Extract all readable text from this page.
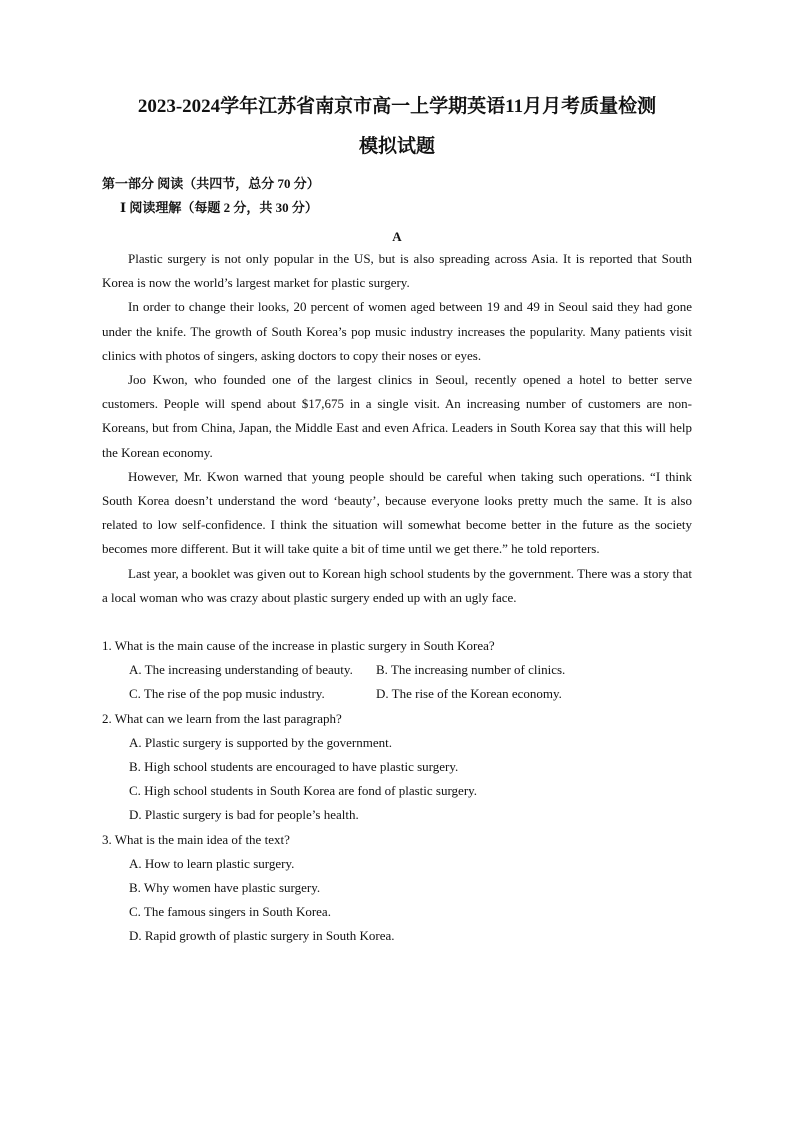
2023-2024学年江苏省南京市高一上学期英语11月月考质量检测
模拟试题
第一部分 阅读（共四节，总分 70 分）
Ⅰ 阅读理解（每题 2 分，共 30 分）
A

Plastic surgery is not only popular in the US, but is also spreading across Asia. It is reported that South Korea is now the world’s largest market for plastic surgery.

In order to change their looks, 20 percent of women aged between 19 and 49 in Seoul said they had gone under the knife. The growth of South Korea’s pop music industry increases the popularity. Many patients visit clinics with photos of singers, asking doctors to copy their noses or eyes.

Joo Kwon, who founded one of the largest clinics in Seoul, recently opened a hotel to better serve customers. People will spend about $17,675 in a single visit. An increasing number of customers are non-Koreans, but from China, Japan, the Middle East and even Africa. Leaders in South Korea say that this will help the Korean economy.

However, Mr. Kwon warned that young people should be careful when taking such operations. “I think South Korea doesn’t understand the word ‘beauty’, because everyone looks pretty much the same. It is also related to low self-confidence. I think the situation will somewhat become better in the future as the society becomes more different. But it will take quite a bit of time until we get there.” he told reporters.

Last year, a booklet was given out to Korean high school students by the government. There was a story that a local woman who was crazy about plastic surgery ended up with an ugly face.

1. What is the main cause of the increase in plastic surgery in South Korea?

A. The increasing understanding of beauty.	B. The increasing number of clinics.
C. The rise of the pop music industry.	D. The rise of the Korean economy.

2. What can we learn from the last paragraph?

A. Plastic surgery is supported by the government.

B. High school students are encouraged to have plastic surgery.

C. High school students in South Korea are fond of plastic surgery.

D. Plastic surgery is bad for people’s health.

3. What is the main idea of the text?

A. How to learn plastic surgery.

B. Why women have plastic surgery.

C. The famous singers in South Korea.

D. Rapid growth of plastic surgery in South Korea.
